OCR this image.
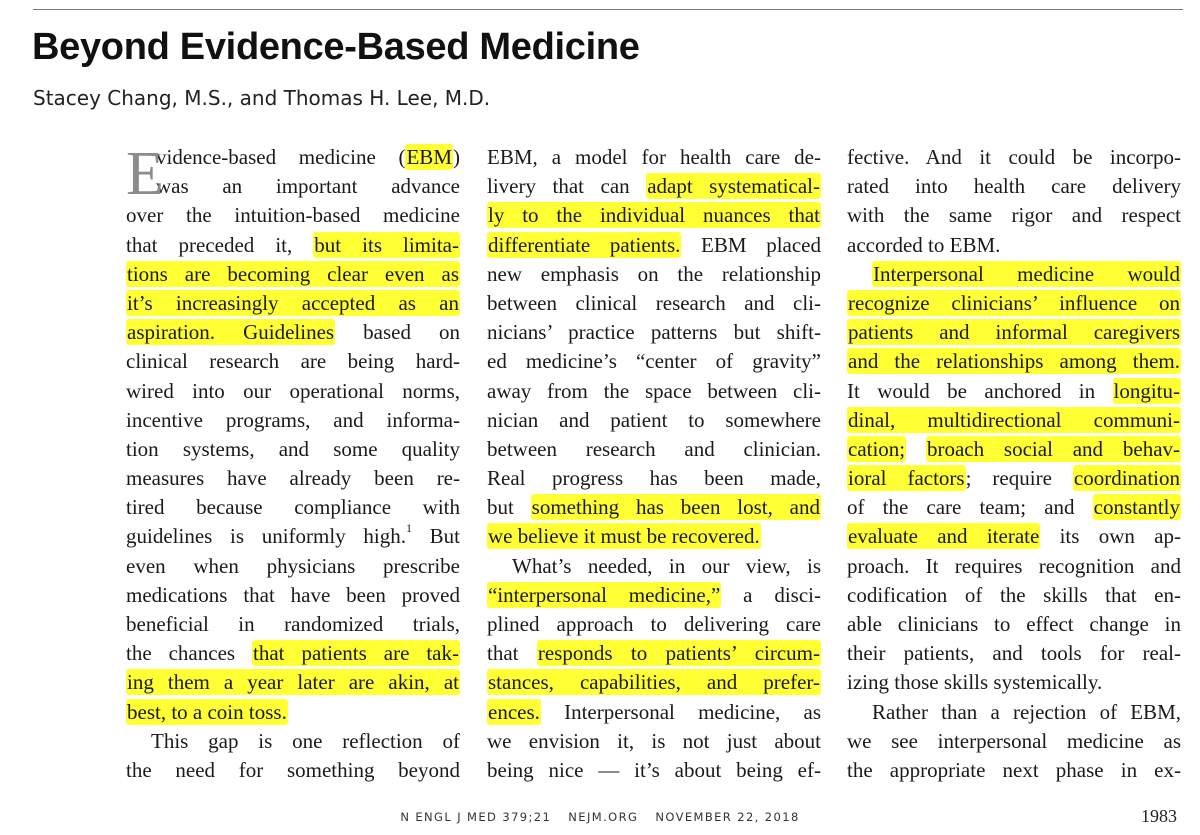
Beyond Evidence-Based Medicine
Stacey Chang, M.S., and Thomas H. Lee, M.D.
E
vidence-based medicine (EBM)
was an important advance
over the intuition-based medicine
that preceded it, but its limita-
tions are becoming clear even as
it’s increasingly accepted as an
aspiration. Guidelines based on
clinical research are being hard-
wired into our operational norms,
incentive programs, and informa-
tion systems, and some quality
measures have already been re-
tired because compliance with
guidelines is uniformly high.$^1$ But
even when physicians prescribe
medications that have been proved
beneficial in randomized trials,
the chances that patients are tak-
ing them a year later are akin, at
best, to a coin toss.
This gap is one reflection of
the need for something beyond
EBM, a model for health care de-
livery that can adapt systematical-
ly to the individual nuances that
differentiate patients. EBM placed
new emphasis on the relationship
between clinical research and cli-
nicians’ practice patterns but shift-
ed medicine’s “center of gravity”
away from the space between cli-
nician and patient to somewhere
between research and clinician.
Real progress has been made,
but something has been lost, and
we believe it must be recovered.
What’s needed, in our view, is
“interpersonal medicine,” a disci-
plined approach to delivering care
that responds to patients’ circum-
stances, capabilities, and prefer-
ences. Interpersonal medicine, as
we envision it, is not just about
being nice — it’s about being ef-
fective. And it could be incorpo-
rated into health care delivery
with the same rigor and respect
accorded to EBM.
Interpersonal medicine would
recognize clinicians’ influence on
patients and informal caregivers
and the relationships among them.
It would be anchored in longitu-
dinal, multidirectional communi-
cation; broach social and behav-
ioral factors; require coordination
of the care team; and constantly
evaluate and iterate its own ap-
proach. It requires recognition and
codification of the skills that en-
able clinicians to effect change in
their patients, and tools for real-
izing those skills systemically.
Rather than a rejection of EBM,
we see interpersonal medicine as
the appropriate next phase in ex-
N ENGL J MED 379;21 NEJM.ORG NOVEMBER 22, 2018	1983
